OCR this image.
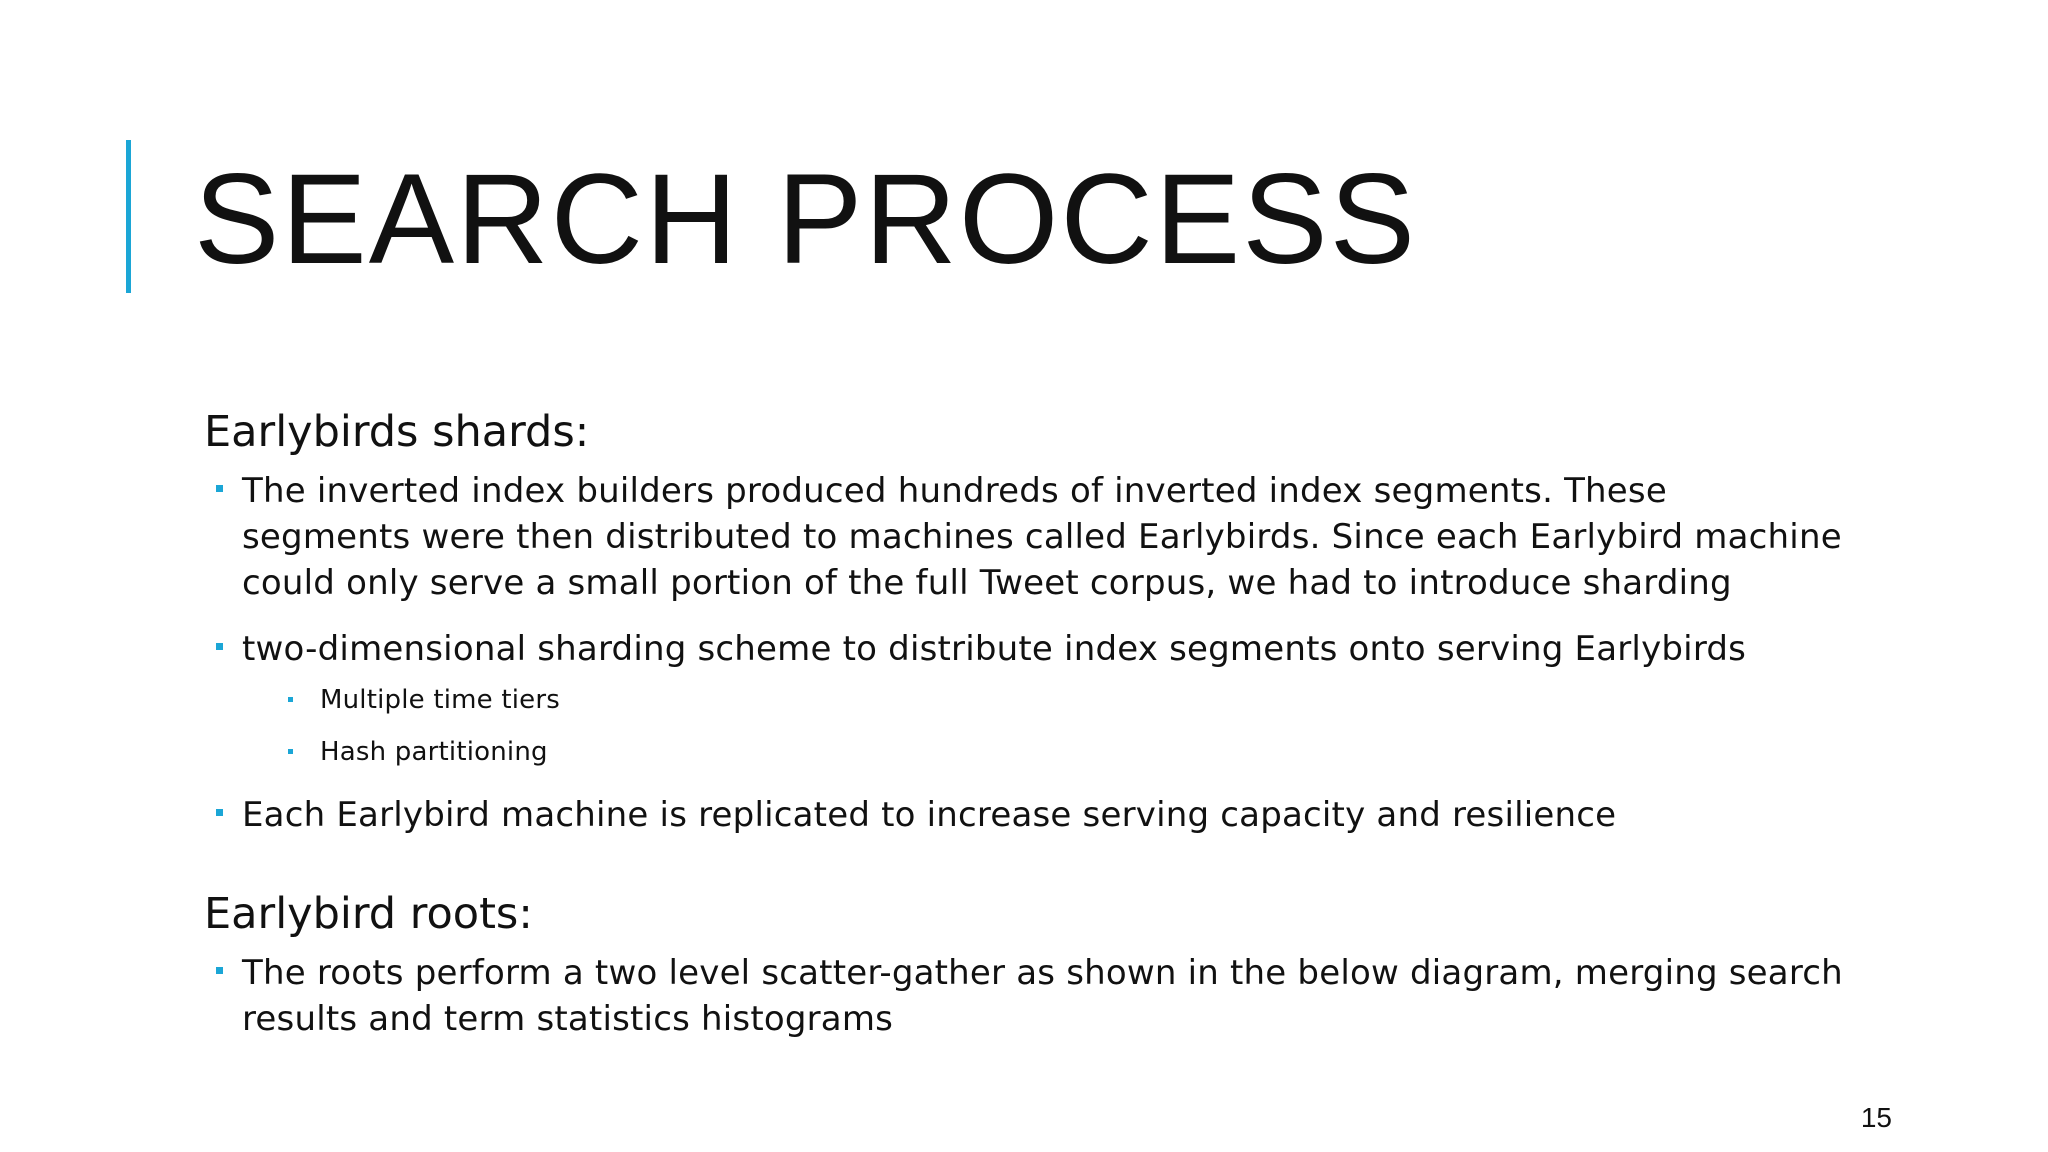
SEARCH PROCESS
Earlybirds shards:
The inverted index builders produced hundreds of inverted index segments. These segments were then distributed to machines called Earlybirds. Since each Earlybird machine could only serve a small portion of the full Tweet corpus, we had to introduce sharding
two-dimensional sharding scheme to distribute index segments onto serving Earlybirds
Multiple time tiers
Hash partitioning
Each Earlybird machine is replicated to increase serving capacity and resilience
Earlybird roots:
The roots perform a two level scatter-gather as shown in the below diagram, merging search results and term statistics histograms
15
